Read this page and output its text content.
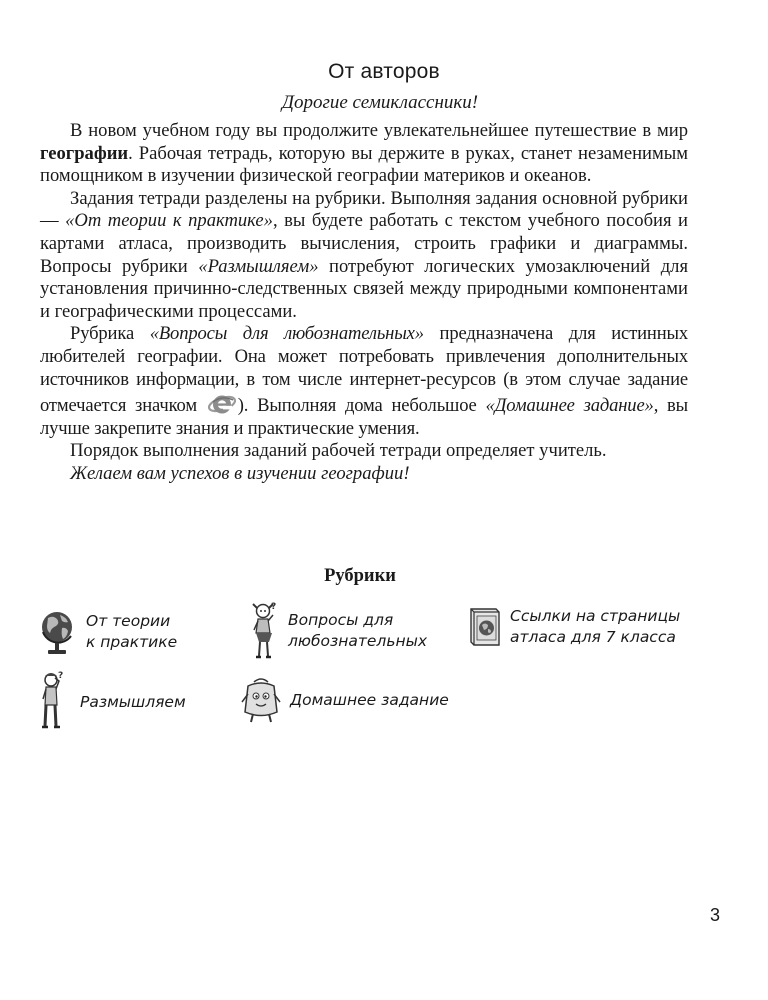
От авторов
Дорогие семиклассники!

В новом учебном году вы продолжите увлекательнейшее путешествие в мир географии. Рабочая тетрадь, которую вы держите в руках, станет незаменимым помощником в изучении физической географии материков и океанов.

Задания тетради разделены на рубрики. Выполняя задания основной рубрики — «От теории к практике», вы будете работать с текстом учебного пособия и картами атласа, производить вычисления, строить графики и диаграммы. Вопросы рубрики «Размышляем» потребуют логических умозаключений для установления причинно-следственных связей между природными компонентами и географическими процессами.

Рубрика «Вопросы для любознательных» предназначена для истинных любителей географии. Она может потребовать привлечения дополнительных источников информации, в том числе интернет-ресурсов (в этом случае задание отмечается значком ). Выполняя дома небольшое «Домашнее задание», вы лучше закрепите знания и практические умения.

Порядок выполнения заданий рабочей тетради определяет учитель.

Желаем вам успехов в изучении географии!

Рубрики
От теории
к практике
?
Вопросы для
любознательных
Ссылки на страницы
атласа для 7 класса
?
Размышляем	Домашнее задание
3
